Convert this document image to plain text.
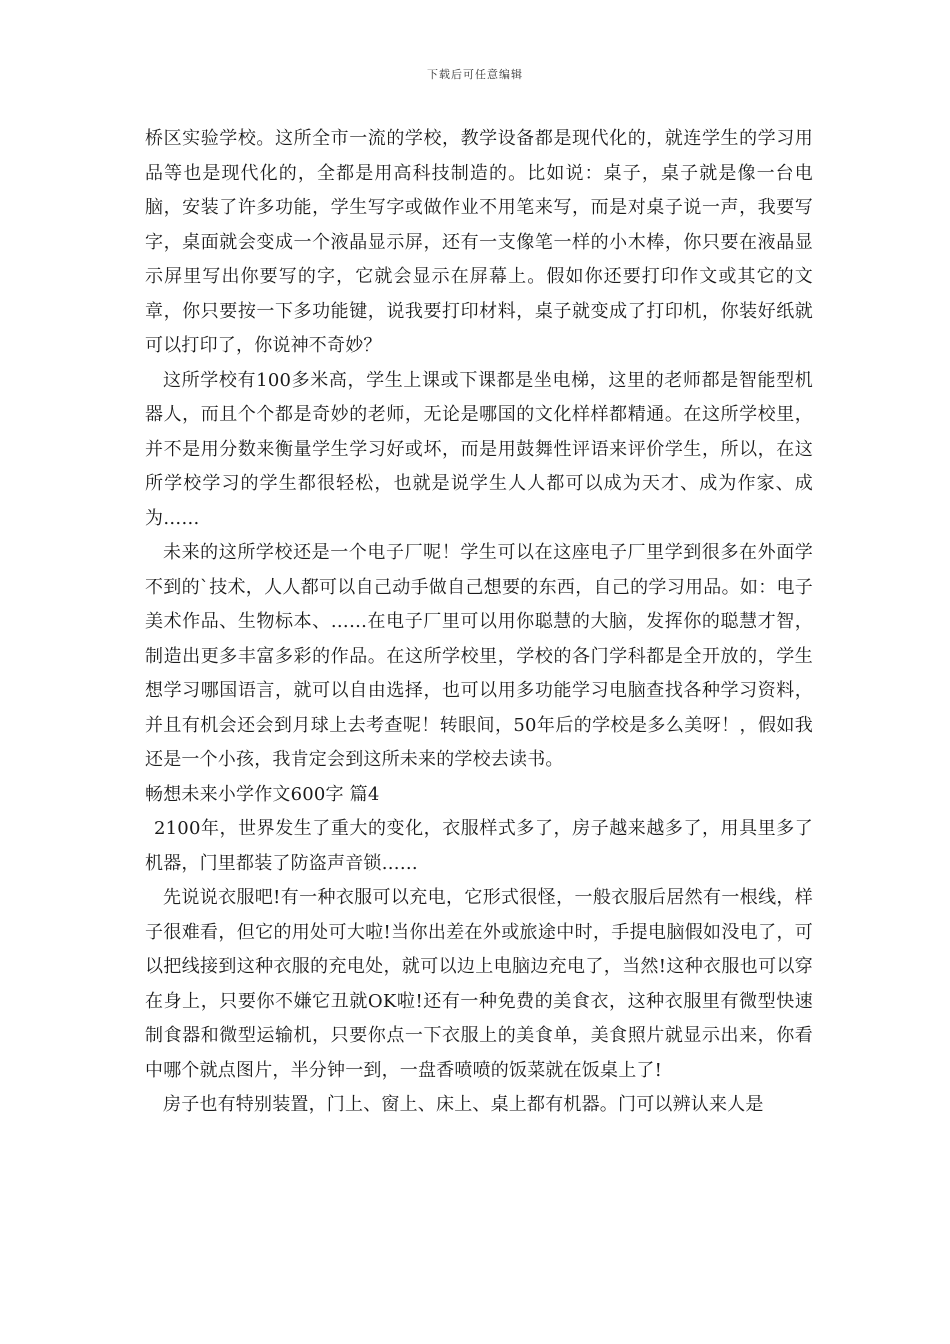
下载后可任意编辑

桥区实验学校。这所全市一流的学校，教学设备都是现代化的，就连学生的学习用品等也是现代化的，全都是用高科技制造的。比如说：桌子，桌子就是像一台电脑，安装了许多功能，学生写字或做作业不用笔来写，而是对桌子说一声，我要写字，桌面就会变成一个液晶显示屏，还有一支像笔一样的小木棒，你只要在液晶显示屏里写出你要写的字，它就会显示在屏幕上。假如你还要打印作文或其它的文章，你只要按一下多功能键，说我要打印材料，桌子就变成了打印机，你装好纸就可以打印了，你说神不奇妙？

这所学校有100多米高，学生上课或下课都是坐电梯，这里的老师都是智能型机器人，而且个个都是奇妙的老师，无论是哪国的文化样样都精通。在这所学校里，并不是用分数来衡量学生学习好或坏，而是用鼓舞性评语来评价学生，所以，在这所学校学习的学生都很轻松，也就是说学生人人都可以成为天才、成为作家、成为……

未来的这所学校还是一个电子厂呢！学生可以在这座电子厂里学到很多在外面学不到的`技术，人人都可以自己动手做自己想要的东西，自己的学习用品。如：电子美术作品、生物标本、……在电子厂里可以用你聪慧的大脑，发挥你的聪慧才智，制造出更多丰富多彩的作品。在这所学校里，学校的各门学科都是全开放的，学生想学习哪国语言，就可以自由选择，也可以用多功能学习电脑查找各种学习资料，并且有机会还会到月球上去考查呢！转眼间，50年后的学校是多么美呀！，假如我还是一个小孩，我肯定会到这所未来的学校去读书。

畅想未来小学作文600字 篇4

2100年，世界发生了重大的变化，衣服样式多了，房子越来越多了，用具里多了机器，门里都装了防盗声音锁……

先说说衣服吧!有一种衣服可以充电，它形式很怪，一般衣服后居然有一根线，样子很难看，但它的用处可大啦!当你出差在外或旅途中时，手提电脑假如没电了，可以把线接到这种衣服的充电处，就可以边上电脑边充电了，当然!这种衣服也可以穿在身上，只要你不嫌它丑就OK啦!还有一种免费的美食衣，这种衣服里有微型快速制食器和微型运输机，只要你点一下衣服上的美食单，美食照片就显示出来，你看中哪个就点图片，半分钟一到，一盘香喷喷的饭菜就在饭桌上了!

房子也有特别装置，门上、窗上、床上、桌上都有机器。门可以辨认来人是
